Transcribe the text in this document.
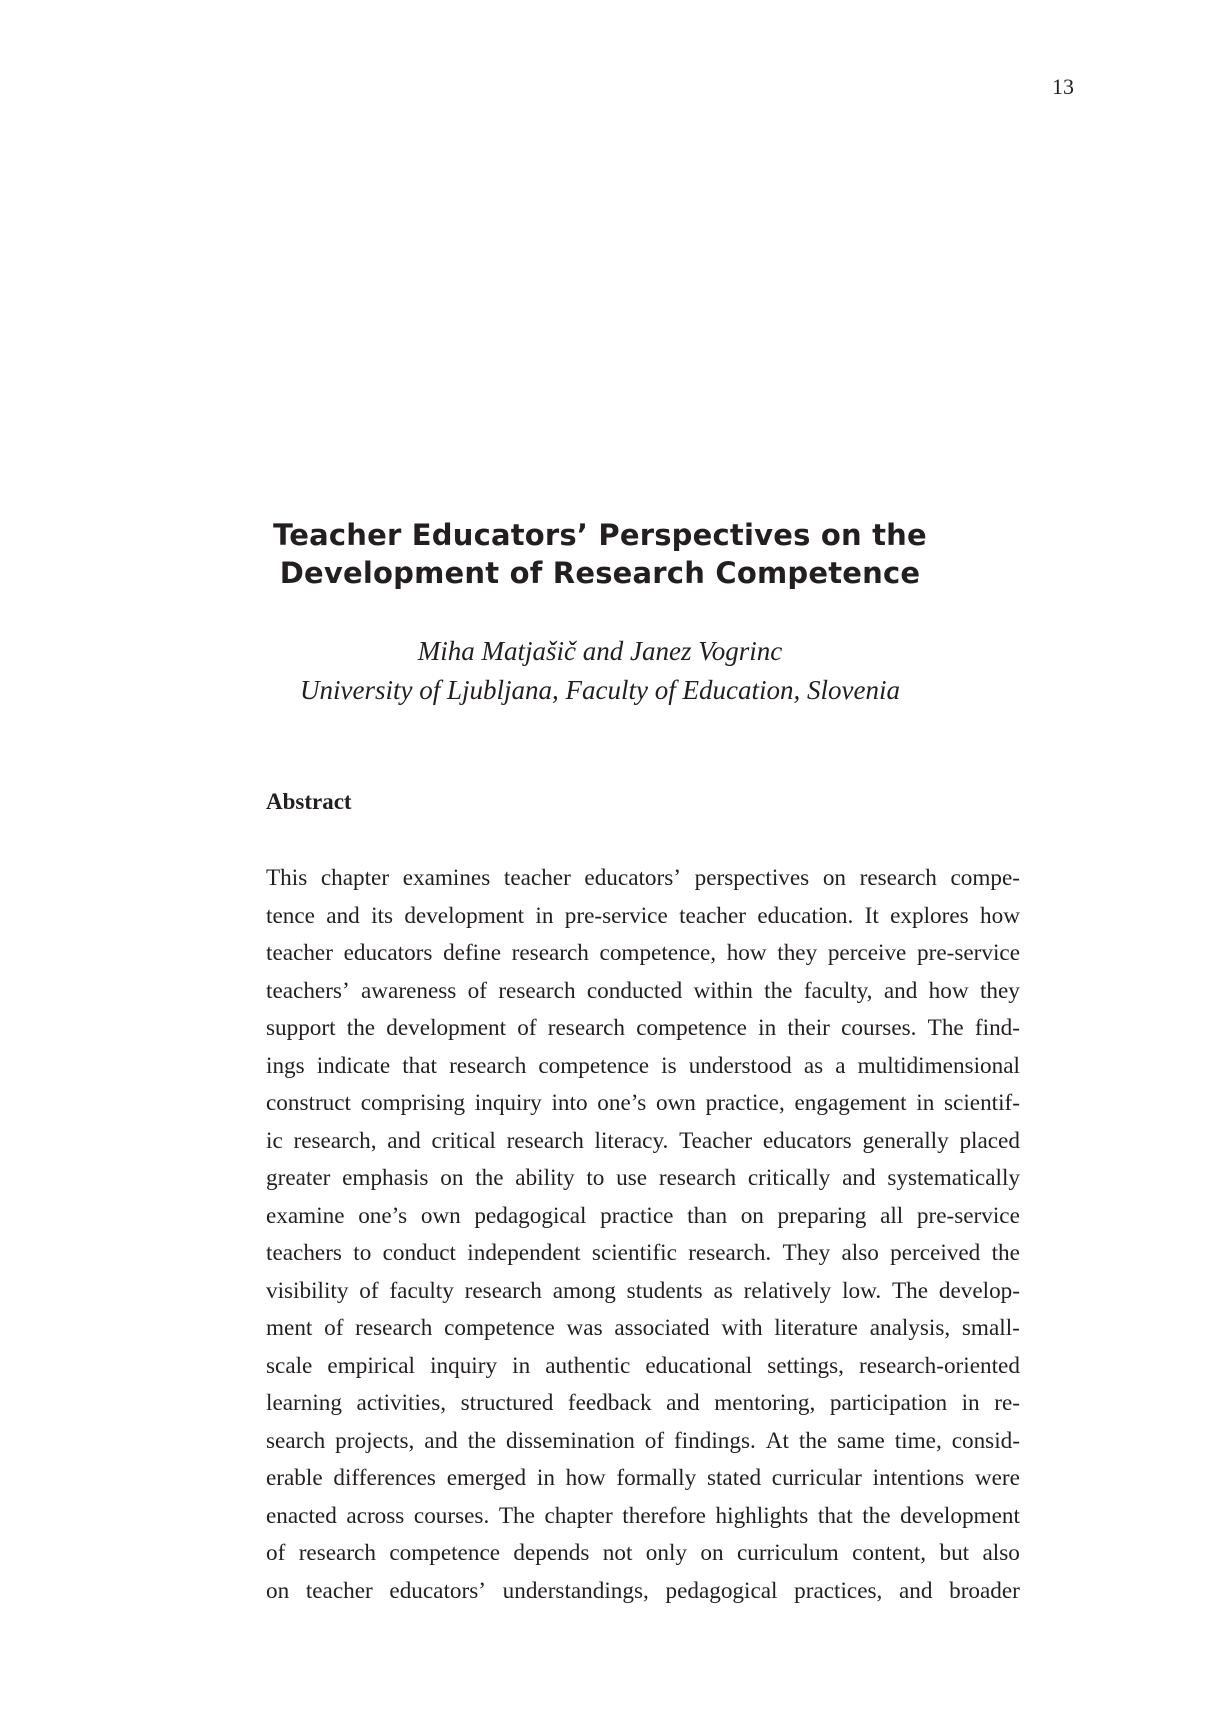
13
Teacher Educators’ Perspectives on the
Development of Research Competence
Miha Matjašič and Janez Vogrinc
University of Ljubljana, Faculty of Education, Slovenia
Abstract
This chapter examines teacher educators’ perspectives on research compe-
tence and its development in pre-service teacher education. It explores how
teacher educators define research competence, how they perceive pre-service
teachers’ awareness of research conducted within the faculty, and how they
support the development of research competence in their courses. The find-
ings indicate that research competence is understood as a multidimensional
construct comprising inquiry into one’s own practice, engagement in scientif-
ic research, and critical research literacy. Teacher educators generally placed
greater emphasis on the ability to use research critically and systematically
examine one’s own pedagogical practice than on preparing all pre-service
teachers to conduct independent scientific research. They also perceived the
visibility of faculty research among students as relatively low. The develop-
ment of research competence was associated with literature analysis, small-
scale empirical inquiry in authentic educational settings, research-oriented
learning activities, structured feedback and mentoring, participation in re-
search projects, and the dissemination of findings. At the same time, consid-
erable differences emerged in how formally stated curricular intentions were
enacted across courses. The chapter therefore highlights that the development
of research competence depends not only on curriculum content, but also
on teacher educators’ understandings, pedagogical practices, and broader
